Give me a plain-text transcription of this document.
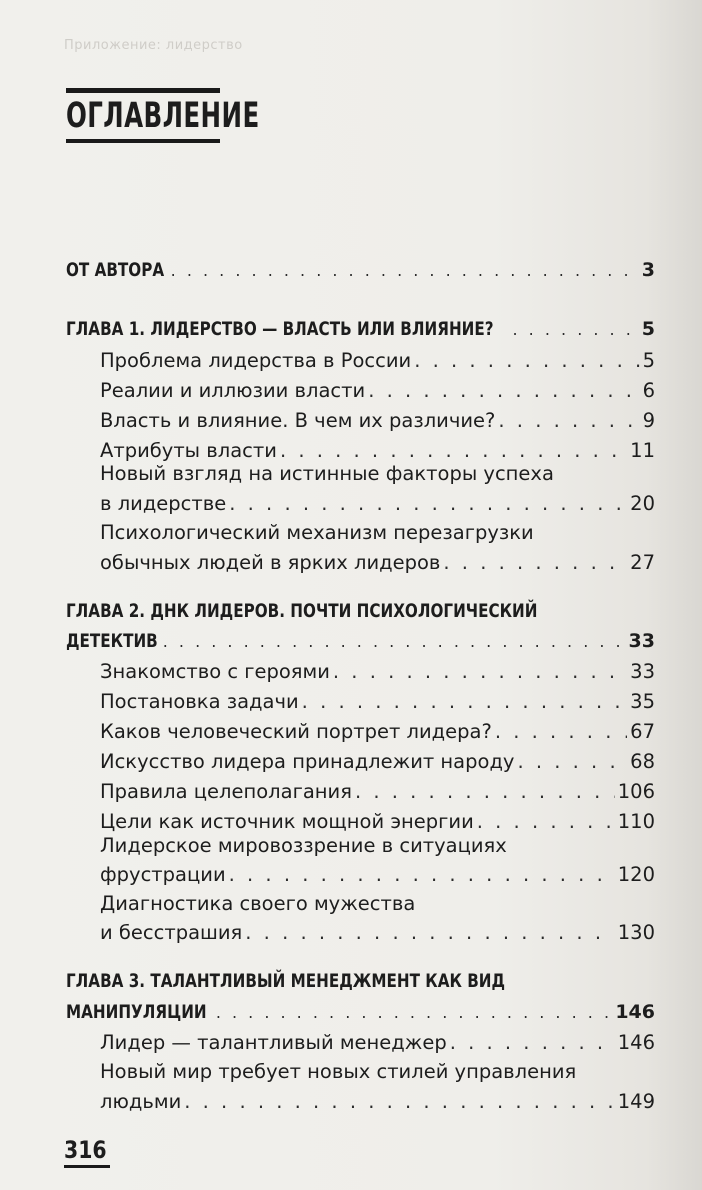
Приложение: лидерство
ОГЛАВЛЕНИЕ
ОТ АВТОРА . . .	3
ГЛАВА 1. ЛИДЕРСТВО — ВЛАСТЬ ИЛИ ВЛИЯНИЕ? . . .	5
Проблема лидерства в России . . .	5
Реалии и иллюзии власти . . .	6
Власть и влияние. В чем их различие? . . .	9
Атрибуты власти . . .	11
Новый взгляд на истинные факторы успеха
в лидерстве . . .	20
Психологический механизм перезагрузки
обычных людей в ярких лидеров . . .	27
ГЛАВА 2. ДНК ЛИДЕРОВ. ПОЧТИ ПСИХОЛОГИЧЕСКИЙ
ДЕТЕКТИВ . . .	33
Знакомство с героями . . .	33
Постановка задачи . . .	35
Каков человеческий портрет лидера? . . .	67
Искусство лидера принадлежит народу . . .	68
Правила целеполагания . . .	106
Цели как источник мощной энергии . . .	110
Лидерское мировоззрение в ситуациях
фрустрации . . .	120
Диагностика своего мужества
и бесстрашия . . .	130
ГЛАВА 3. ТАЛАНТЛИВЫЙ МЕНЕДЖМЕНТ КАК ВИД
МАНИПУЛЯЦИИ . . .	146
Лидер — талантливый менеджер . . .	146
Новый мир требует новых стилей управления
людьми . . .	149
316
